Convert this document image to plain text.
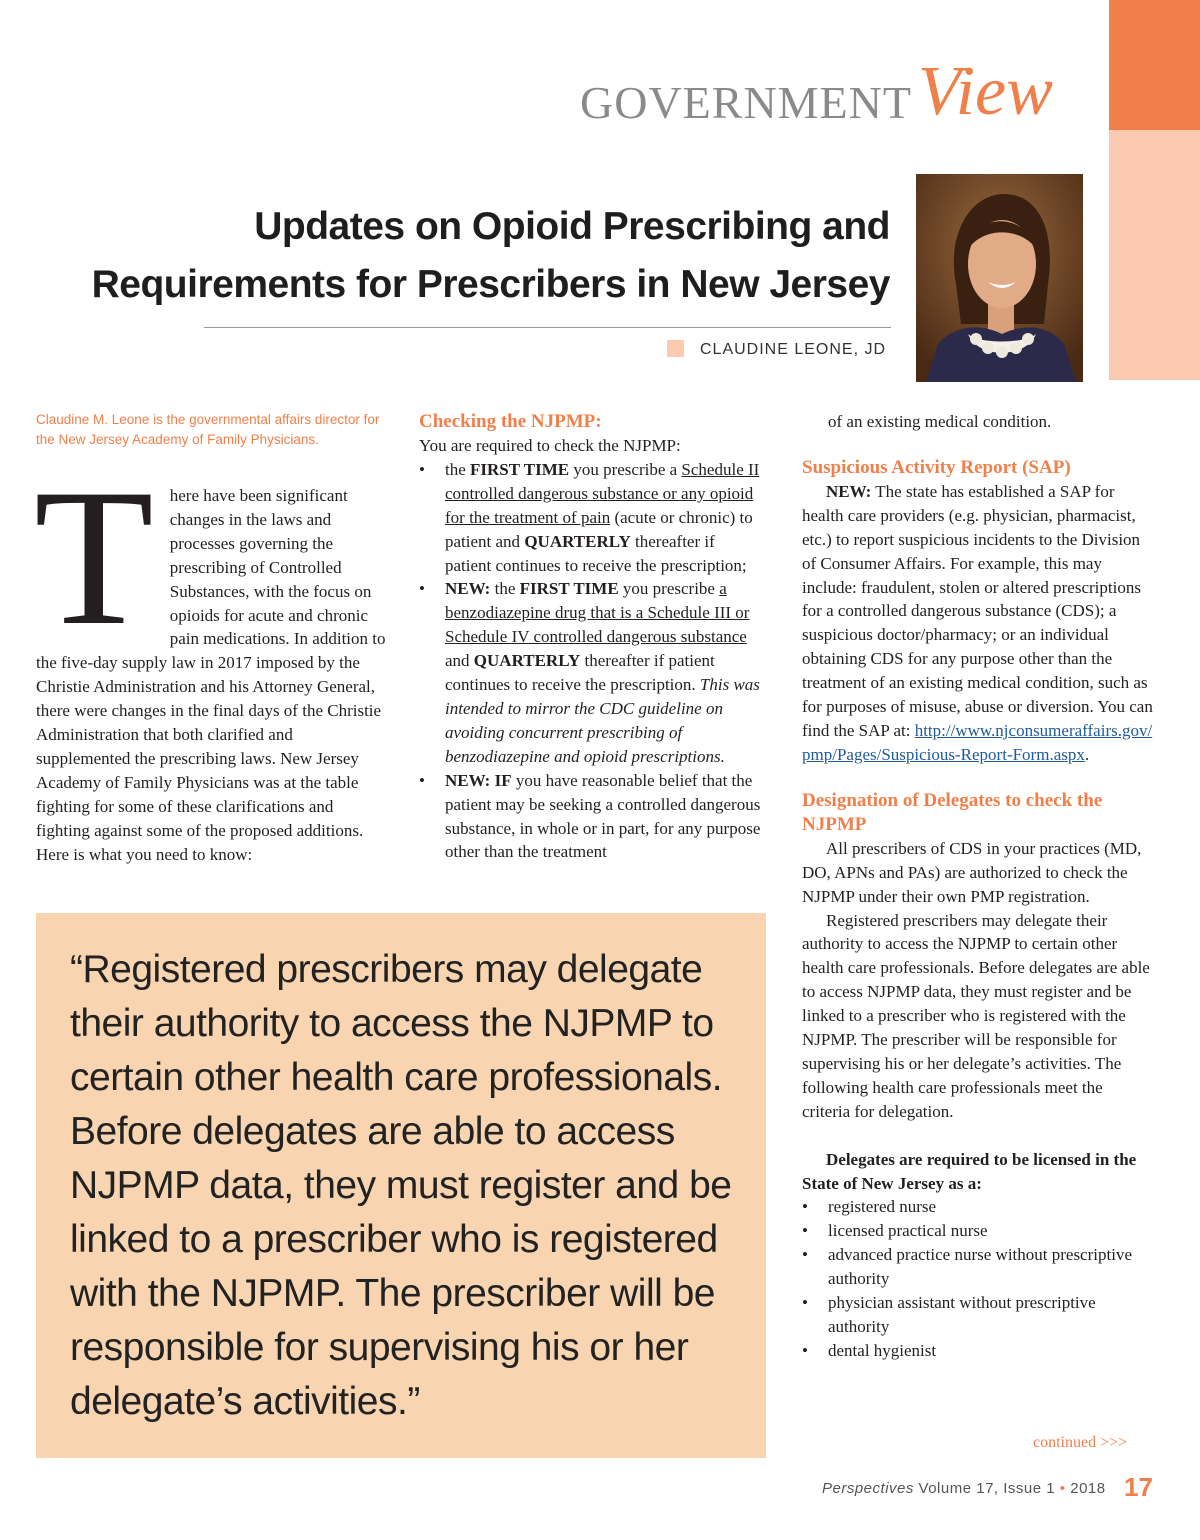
GOVERNMENT View
Updates on Opioid Prescribing and
Requirements for Prescribers in New Jersey
CLAUDINE LEONE, JD
Claudine M. Leone is the governmental affairs director for the New Jersey Academy of Family Physicians.
T here have been significant changes in the laws and processes governing the prescribing of Controlled Substances, with the focus on opioids for acute and chronic pain medications. In addition to the five-day supply law in 2017 imposed by the Christie Administration and his Attorney General, there were changes in the final days of the Christie Administration that both clarified and supplemented the prescribing laws. New Jersey Academy of Family Physicians was at the table fighting for some of these clarifications and fighting against some of the proposed additions. Here is what you need to know:

Checking the NJPMP:
You are required to check the NJPMP:
• the FIRST TIME you prescribe a Schedule II controlled dangerous substance or any opioid for the treatment of pain (acute or chronic) to patient and QUARTERLY thereafter if patient continues to receive the prescription;
• NEW: the FIRST TIME you prescribe a benzodiazepine drug that is a Schedule III or Schedule IV controlled dangerous substance and QUARTERLY thereafter if patient continues to receive the prescription. This was intended to mirror the CDC guideline on avoiding concurrent prescribing of benzodiazepine and opioid prescriptions.
• NEW: IF you have reasonable belief that the patient may be seeking a controlled dangerous substance, in whole or in part, for any purpose other than the treatment
of an existing medical condition.
Suspicious Activity Report (SAP)
NEW: The state has established a SAP for health care providers (e.g. physician, pharmacist, etc.) to report suspicious incidents to the Division of Consumer Affairs. For example, this may include: fraudulent, stolen or altered prescriptions for a controlled dangerous substance (CDS); a suspicious doctor/pharmacy; or an individual obtaining CDS for any purpose other than the treatment of an existing medical condition, such as for purposes of misuse, abuse or diversion. You can find the SAP at: http://www.njconsumeraffairs.gov/pmp/Pages/Suspicious-Report-Form.aspx.
Designation of Delegates to check the NJPMP
All prescribers of CDS in your practices (MD, DO, APNs and PAs) are authorized to check the NJPMP under their own PMP registration.
Registered prescribers may delegate their authority to access the NJPMP to certain other health care professionals. Before delegates are able to access NJPMP data, they must register and be linked to a prescriber who is registered with the NJPMP. The prescriber will be responsible for supervising his or her delegate’s activities. The following health care professionals meet the criteria for delegation.
Delegates are required to be licensed in the State of New Jersey as a:
• registered nurse
• licensed practical nurse
• advanced practice nurse without prescriptive authority
• physician assistant without prescriptive authority
• dental hygienist
“Registered prescribers may delegate their authority to access the NJPMP to certain other health care professionals. Before delegates are able to access NJPMP data, they must register and be linked to a prescriber who is registered with the NJPMP. The prescriber will be responsible for supervising his or her delegate’s activities.”
continued >>>
Perspectives Volume 17, Issue 1 • 2018 17
